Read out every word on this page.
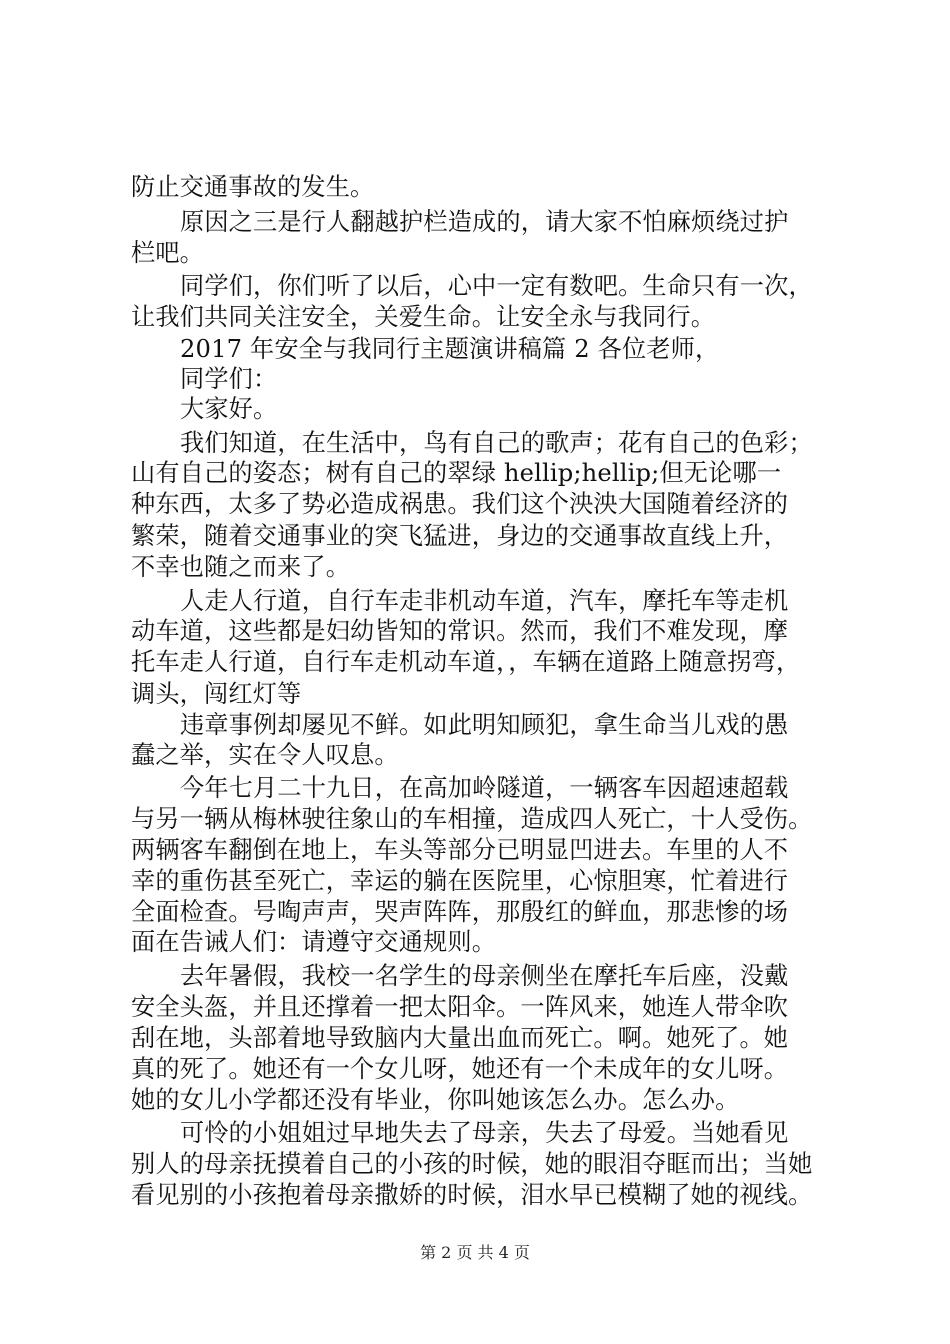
防止交通事故的发生。
原因之三是行人翻越护栏造成的，请大家不怕麻烦绕过护
栏吧。
同学们，你们听了以后，心中一定有数吧。生命只有一次，
让我们共同关注安全，关爱生命。让安全永与我同行。
2017 年安全与我同行主题演讲稿篇 2 各位老师，
同学们：
大家好。
我们知道，在生活中，鸟有自己的歌声；花有自己的色彩；
山有自己的姿态；树有自己的翠绿 hellip;hellip;但无论哪一
种东西，太多了势必造成祸患。我们这个泱泱大国随着经济的
繁荣，随着交通事业的突飞猛进，身边的交通事故直线上升，
不幸也随之而来了。
人走人行道，自行车走非机动车道，汽车，摩托车等走机
动车道，这些都是妇幼皆知的常识。然而，我们不难发现，摩
托车走人行道，自行车走机动车道，，车辆在道路上随意拐弯，
调头，闯红灯等
违章事例却屡见不鲜。如此明知顾犯，拿生命当儿戏的愚
蠢之举，实在令人叹息。
今年七月二十九日，在高加岭隧道，一辆客车因超速超载
与另一辆从梅林驶往象山的车相撞，造成四人死亡，十人受伤。
两辆客车翻倒在地上，车头等部分已明显凹进去。车里的人不
幸的重伤甚至死亡，幸运的躺在医院里，心惊胆寒，忙着进行
全面检查。号啕声声，哭声阵阵，那殷红的鲜血，那悲惨的场
面在告诫人们：请遵守交通规则。
去年暑假，我校一名学生的母亲侧坐在摩托车后座，没戴
安全头盔，并且还撑着一把太阳伞。一阵风来，她连人带伞吹
刮在地，头部着地导致脑内大量出血而死亡。啊。她死了。她
真的死了。她还有一个女儿呀，她还有一个未成年的女儿呀。
她的女儿小学都还没有毕业，你叫她该怎么办。怎么办。
可怜的小姐姐过早地失去了母亲，失去了母爱。当她看见
别人的母亲抚摸着自己的小孩的时候，她的眼泪夺眶而出；当她
看见别的小孩抱着母亲撒娇的时候，泪水早已模糊了她的视线。
第 2 页 共 4 页
